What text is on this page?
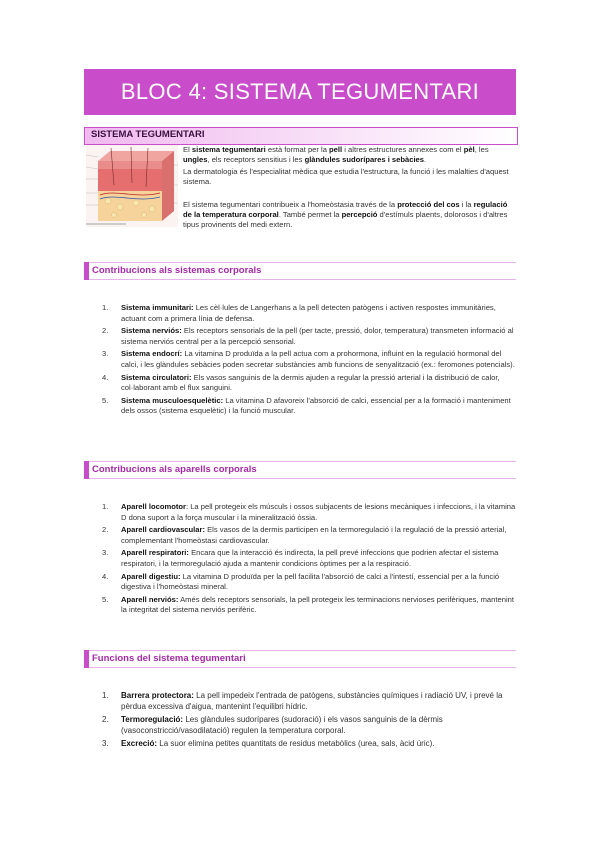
BLOC 4: SISTEMA TEGUMENTARI
SISTEMA TEGUMENTARI
El sistema tegumentari està format per la pell i altres estructures annexes com el pèl, les ungles, els receptors sensitius i les glàndules sudorípares i sebàcies.
La dermatologia és l'especialitat mèdica que estudia l'estructura, la funció i les malalties d'aquest sistema.
El sistema tegumentari contribueix a l'homeòstasia través de la protecció del cos i la regulació de la temperatura corporal. També permet la percepció d'estímuls plaents, dolorosos i d'altres tipus provinents del medi extern.
Contribucions als sistemas corporals
1. Sistema immunitari: Les cèl·lules de Langerhans a la pell detecten patògens i activen respostes immunitàries, actuant com a primera línia de defensa.
2. Sistema nerviós: Els receptors sensorials de la pell (per tacte, pressió, dolor, temperatura) transmeten informació al sistema nerviós central per a la percepció sensorial.
3. Sistema endocrí: La vitamina D produïda a la pell actua com a prohormona, influint en la regulació hormonal del calci, i les glàndules sebàcies poden secretar substàncies amb funcions de senyalització (ex.: feromones potencials).
4. Sistema circulatori: Els vasos sanguinis de la dermis ajuden a regular la pressió arterial i la distribució de calor, col·laborant amb el flux sanguini.
5. Sistema musculoesquelètic: La vitamina D afavoreix l'absorció de calci, essencial per a la formació i manteniment dels ossos (sistema esquelètic) i la funció muscular.
Contribucions als aparells corporals
1. Aparell locomotor: La pell protegeix els músculs i ossos subjacents de lesions mecàniques i infeccions, i la vitamina D dona suport a la força muscular i la mineralització òssia.
2. Aparell cardiovascular: Els vasos de la dermis participen en la termoregulació i la regulació de la pressió arterial, complementant l'homeòstasi cardiovascular.
3. Aparell respiratori: Encara que la interacció és indirecta, la pell prevé infeccions que podrien afectar el sistema respiratori, i la termoregulació ajuda a mantenir condicions òptimes per a la respiració.
4. Aparell digestiu: La vitamina D produïda per la pell facilita l'absorció de calci a l'intestí, essencial per a la funció digestiva i l'homeòstasi mineral.
5. Aparell nerviós: Amés dels receptors sensorials, la pell protegeix les terminacions nervioses perifèriques, mantenint la integritat del sistema nerviós perifèric.
Funcions del sistema tegumentari
1. Barrera protectora: La pell impedeix l'entrada de patògens, substàncies químiques i radiació UV, i prevé la pèrdua excessiva d'aigua, mantenint l'equilibri hídric.
2. Termoregulació: Les glàndules sudorípares (sudoració) i els vasos sanguinis de la dèrmis (vasoconstricció/vasodilatació) regulen la temperatura corporal.
3. Excreció: La suor elimina petites quantitats de residus metabòlics (urea, sals, àcid úric).
